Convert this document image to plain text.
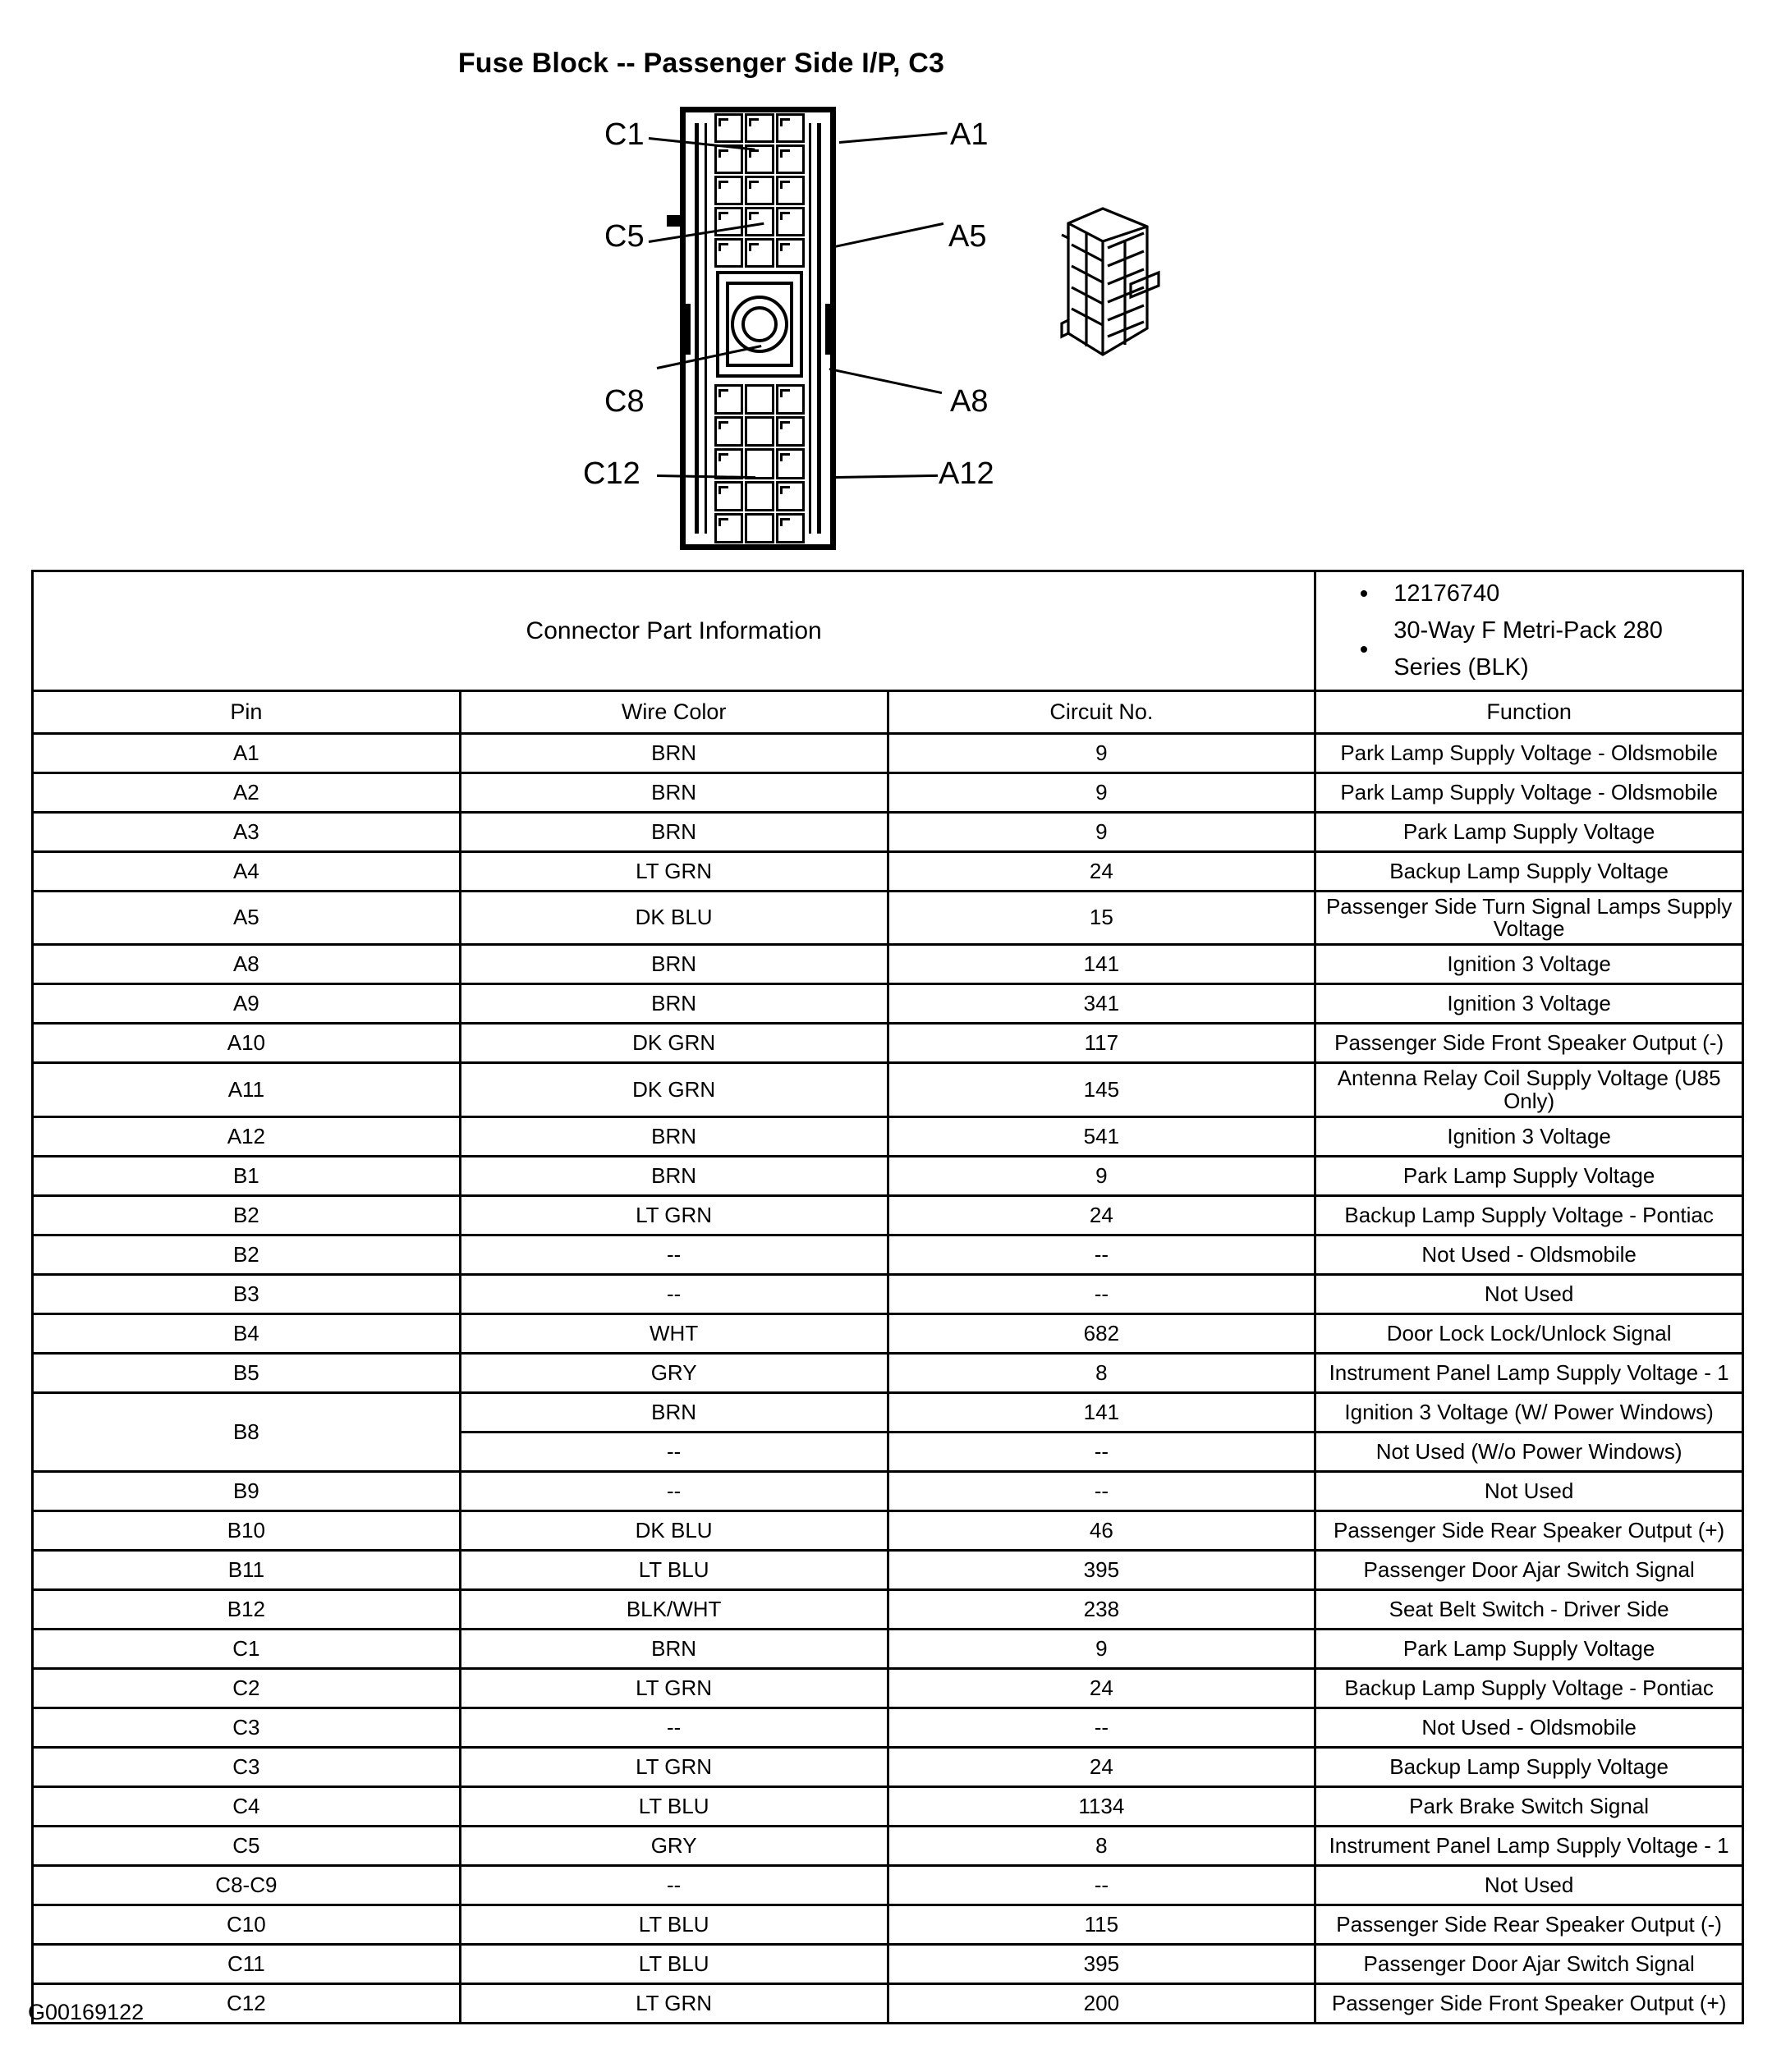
Fuse Block -- Passenger Side I/P, C3
C1	A1
C5	A5
C8	A8
C12	A12
Connector Part Information	
12176740
30-Way F Metri-Pack 280 Series (BLK)

Pin	Wire Color	Circuit No.	Function
A1	BRN	9	Park Lamp Supply Voltage - Oldsmobile
A2	BRN	9	Park Lamp Supply Voltage - Oldsmobile
A3	BRN	9	Park Lamp Supply Voltage
A4	LT GRN	24	Backup Lamp Supply Voltage
A5	DK BLU	15	Passenger Side Turn Signal Lamps Supply Voltage
A8	BRN	141	Ignition 3 Voltage
A9	BRN	341	Ignition 3 Voltage
A10	DK GRN	117	Passenger Side Front Speaker Output (-)
A11	DK GRN	145	Antenna Relay Coil Supply Voltage (U85 Only)
A12	BRN	541	Ignition 3 Voltage
B1	BRN	9	Park Lamp Supply Voltage
B2	LT GRN	24	Backup Lamp Supply Voltage - Pontiac
B2	--	--	Not Used - Oldsmobile
B3	--	--	Not Used
B4	WHT	682	Door Lock Lock/Unlock Signal
B5	GRY	8	Instrument Panel Lamp Supply Voltage - 1
B8	BRN	141	Ignition 3 Voltage (W/ Power Windows)
	--	--	Not Used (W/o Power Windows)
B9	--	--	Not Used
B10	DK BLU	46	Passenger Side Rear Speaker Output (+)
B11	LT BLU	395	Passenger Door Ajar Switch Signal
B12	BLK/WHT	238	Seat Belt Switch - Driver Side
C1	BRN	9	Park Lamp Supply Voltage
C2	LT GRN	24	Backup Lamp Supply Voltage - Pontiac
C3	--	--	Not Used - Oldsmobile
C3	LT GRN	24	Backup Lamp Supply Voltage
C4	LT BLU	1134	Park Brake Switch Signal
C5	GRY	8	Instrument Panel Lamp Supply Voltage - 1
C8-C9	--	--	Not Used
C10	LT BLU	115	Passenger Side Rear Speaker Output (-)
C11	LT BLU	395	Passenger Door Ajar Switch Signal
C12	LT GRN	200	Passenger Side Front Speaker Output (+)
G00169122
